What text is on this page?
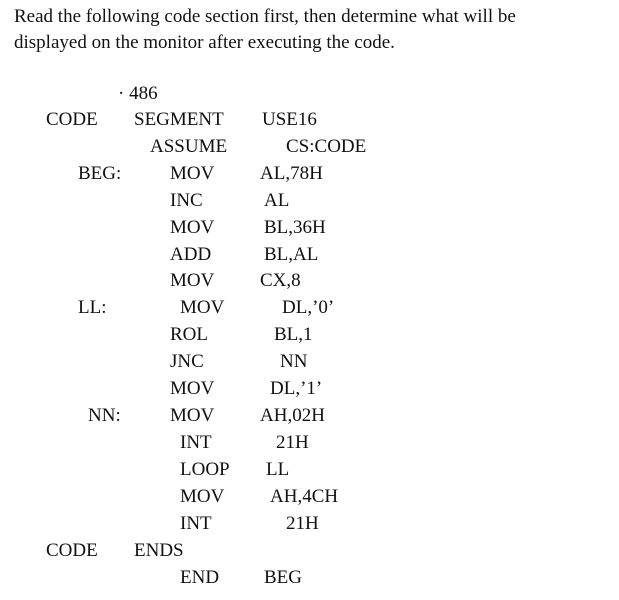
Read the following code section first, then determine what will be
displayed on the monitor after executing the code.
· 486
CODE SEGMENT USE16
ASSUME	CS:CODE
BEG:	MOV AL,78H
INC	AL
MOV	BL,36H
ADD	BL,AL
MOV CX,8
LL:	MOV	DL,’0’
ROL	BL,1
JNC	NN
MOV	DL,’1’
NN:	MOV AH,02H
INT	21H
LOOP LL
MOV AH,4CH
INT	21H
CODE ENDS
END BEG
